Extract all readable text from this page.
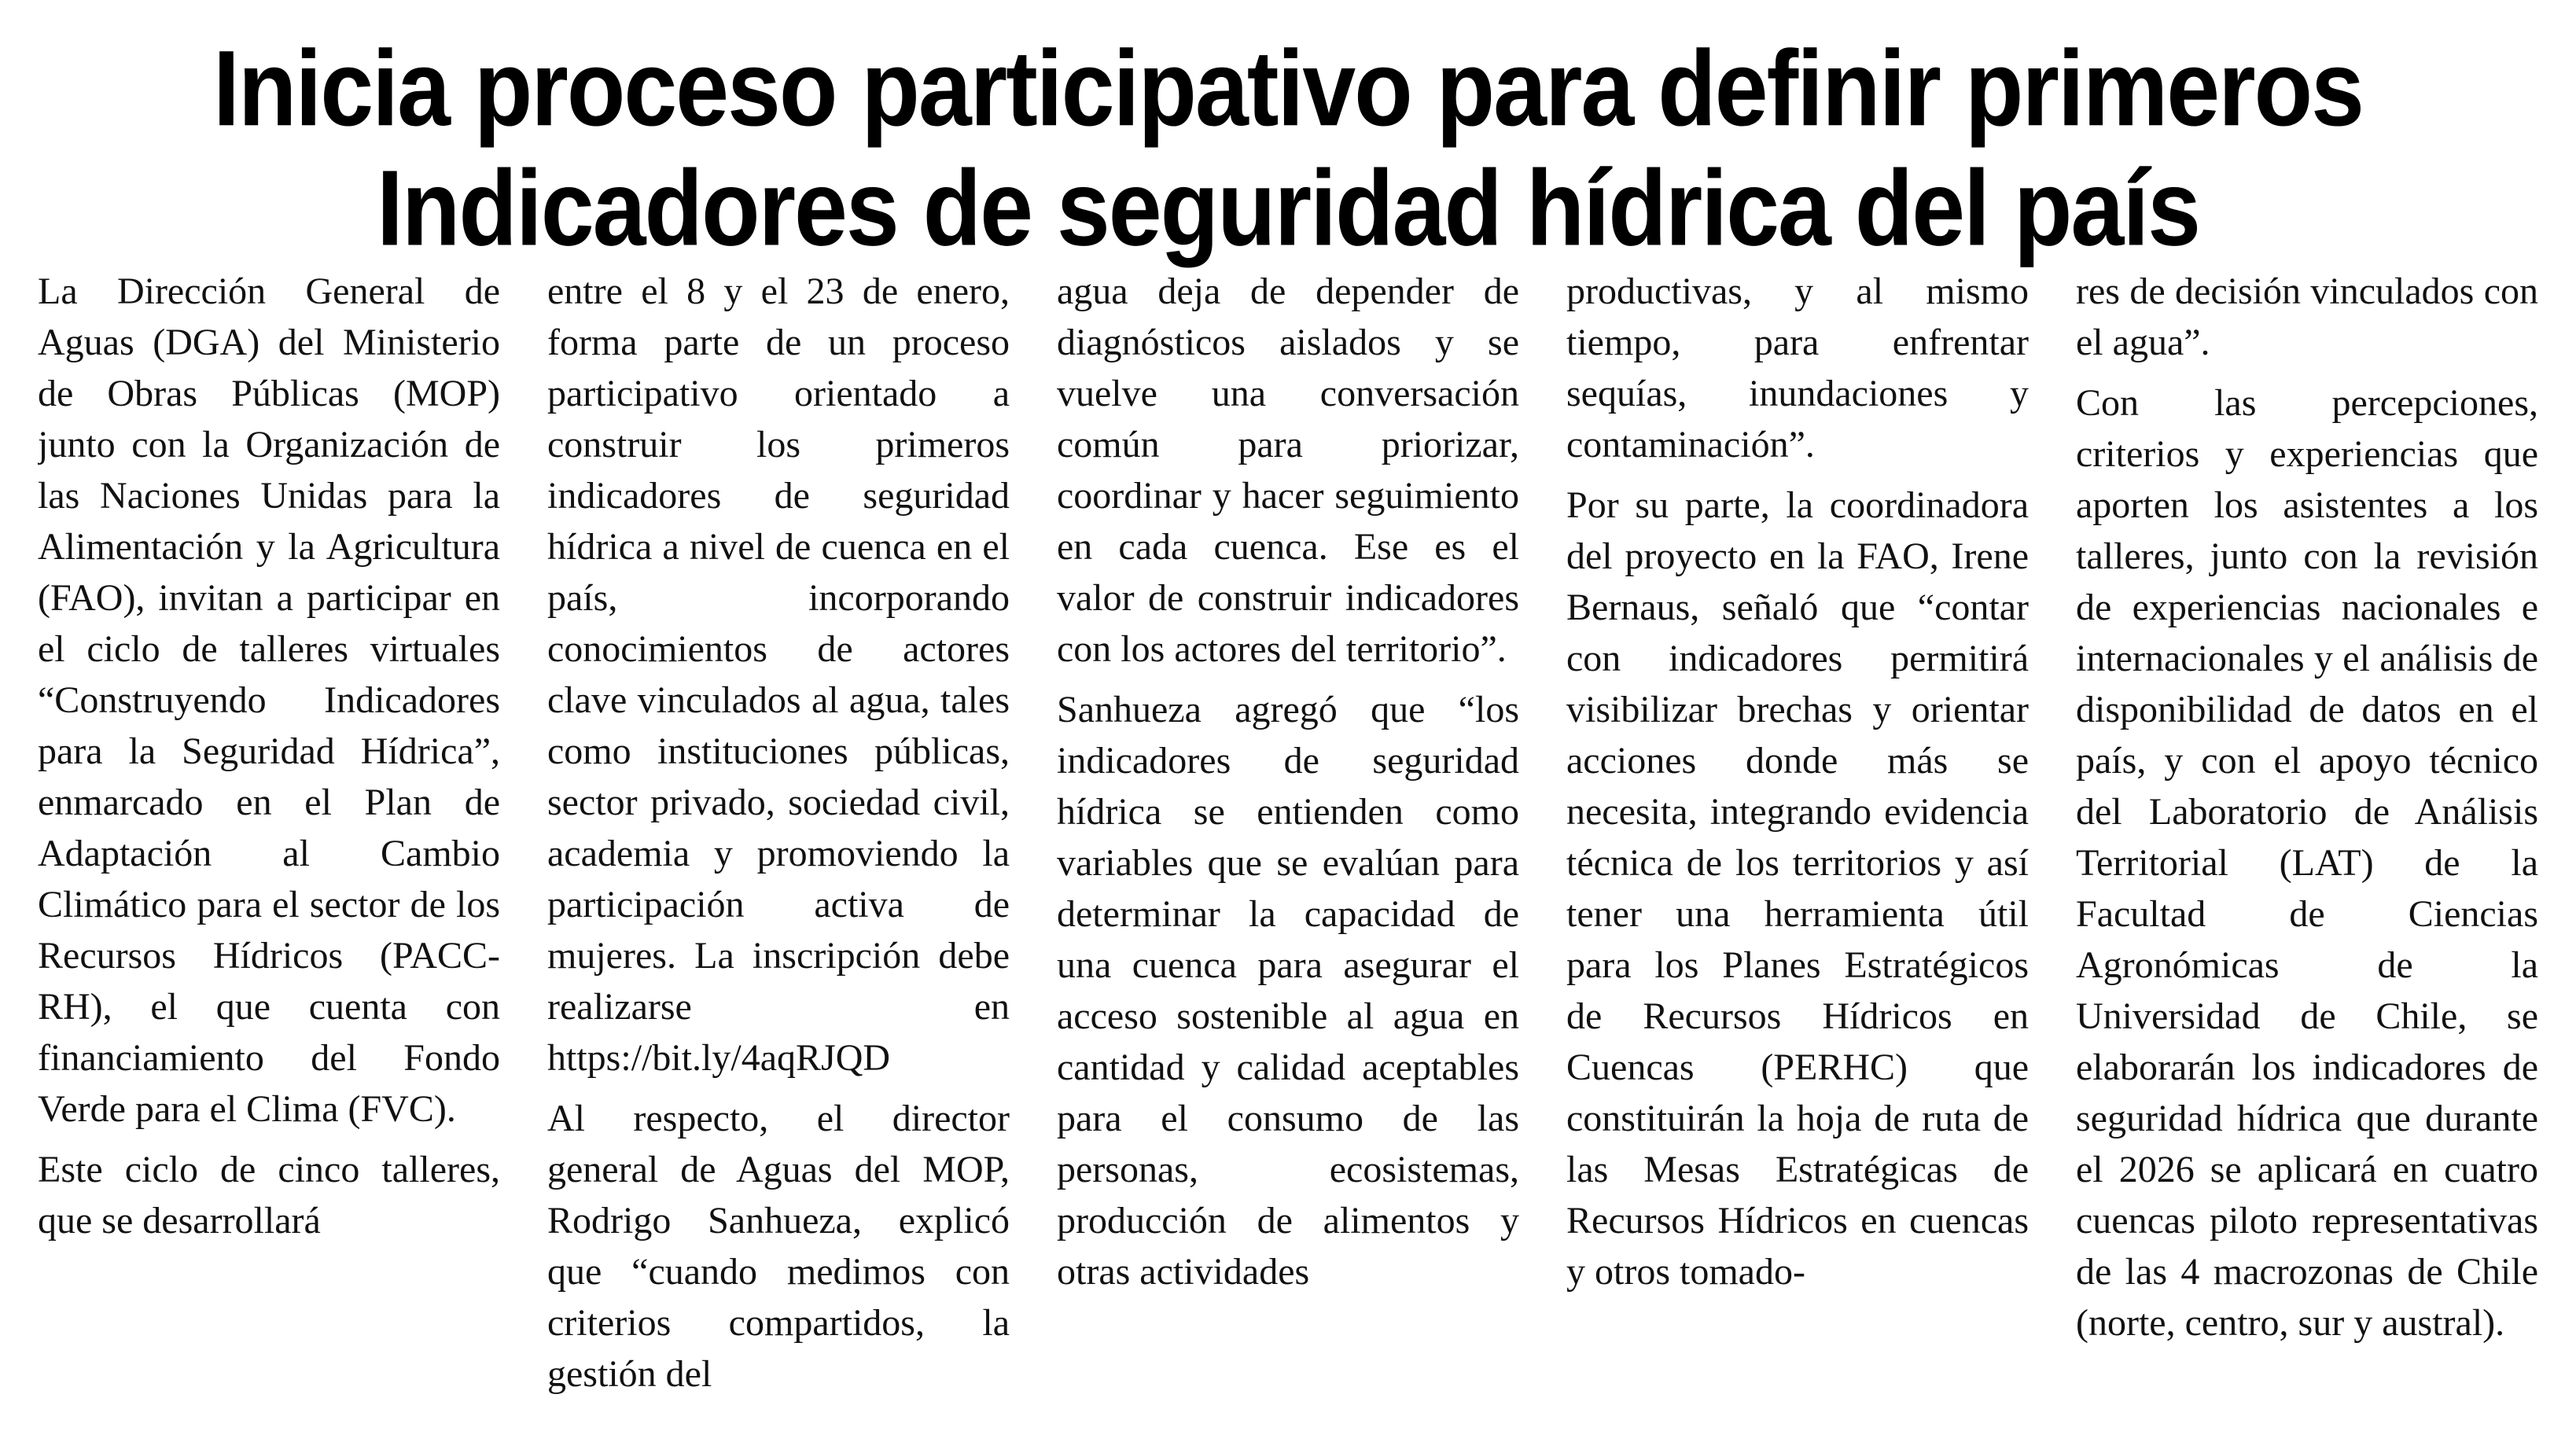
Inicia proceso participativo para definir primeros
Indicadores de seguridad hídrica del país

La Dirección General de Aguas (DGA) del Ministerio de Obras Públicas (MOP) junto con la Organización de las Naciones Unidas para la Alimentación y la Agricultura (FAO), invitan a participar en el ciclo de talleres virtuales “Construyendo Indicadores para la Seguridad Hídrica”, enmarcado en el Plan de Adaptación al Cambio Climático para el sector de los Recursos Hídricos (PACC-RH), el que cuenta con financiamiento del Fondo Verde para el Clima (FVC).

Este ciclo de cinco talleres, que se desarrollará

entre el 8 y el 23 de enero, forma parte de un proceso participativo orientado a construir los primeros indicadores de seguridad hídrica a nivel de cuenca en el país, incorporando conocimientos de actores clave vinculados al agua, tales como instituciones públicas, sector privado, sociedad civil, academia y promoviendo la participación activa de mujeres. La inscripción debe realizarse en https://bit.ly/4aqRJQD

Al respecto, el director general de Aguas del MOP, Rodrigo Sanhueza, explicó que “cuando medimos con criterios compartidos, la gestión del

agua deja de depender de diagnósticos aislados y se vuelve una conversación común para priorizar, coordinar y hacer seguimiento en cada cuenca. Ese es el valor de construir indicadores con los actores del territorio”.

Sanhueza agregó que “los indicadores de seguridad hídrica se entienden como variables que se evalúan para determinar la capacidad de una cuenca para asegurar el acceso sostenible al agua en cantidad y calidad aceptables para el consumo de las personas, ecosistemas, producción de alimentos y otras actividades

productivas, y al mismo tiempo, para enfrentar sequías, inundaciones y contaminación”.

Por su parte, la coordinadora del proyecto en la FAO, Irene Bernaus, señaló que “contar con indicadores permitirá visibilizar brechas y orientar acciones donde más se necesita, integrando evidencia técnica de los territorios y así tener una herramienta útil para los Planes Estratégicos de Recursos Hídricos en Cuencas (PERHC) que constituirán la hoja de ruta de las Mesas Estratégicas de Recursos Hídricos en cuencas y otros tomado-

res de decisión vinculados con el agua”.

Con las percepciones, criterios y experiencias que aporten los asistentes a los talleres, junto con la revisión de experiencias nacionales e internacionales y el análisis de disponibilidad de datos en el país, y con el apoyo técnico del Laboratorio de Análisis Territorial (LAT) de la Facultad de Ciencias Agronómicas de la Universidad de Chile, se elaborarán los indicadores de seguridad hídrica que durante el 2026 se aplicará en cuatro cuencas piloto representativas de las 4 macrozonas de Chile (norte, centro, sur y austral).
